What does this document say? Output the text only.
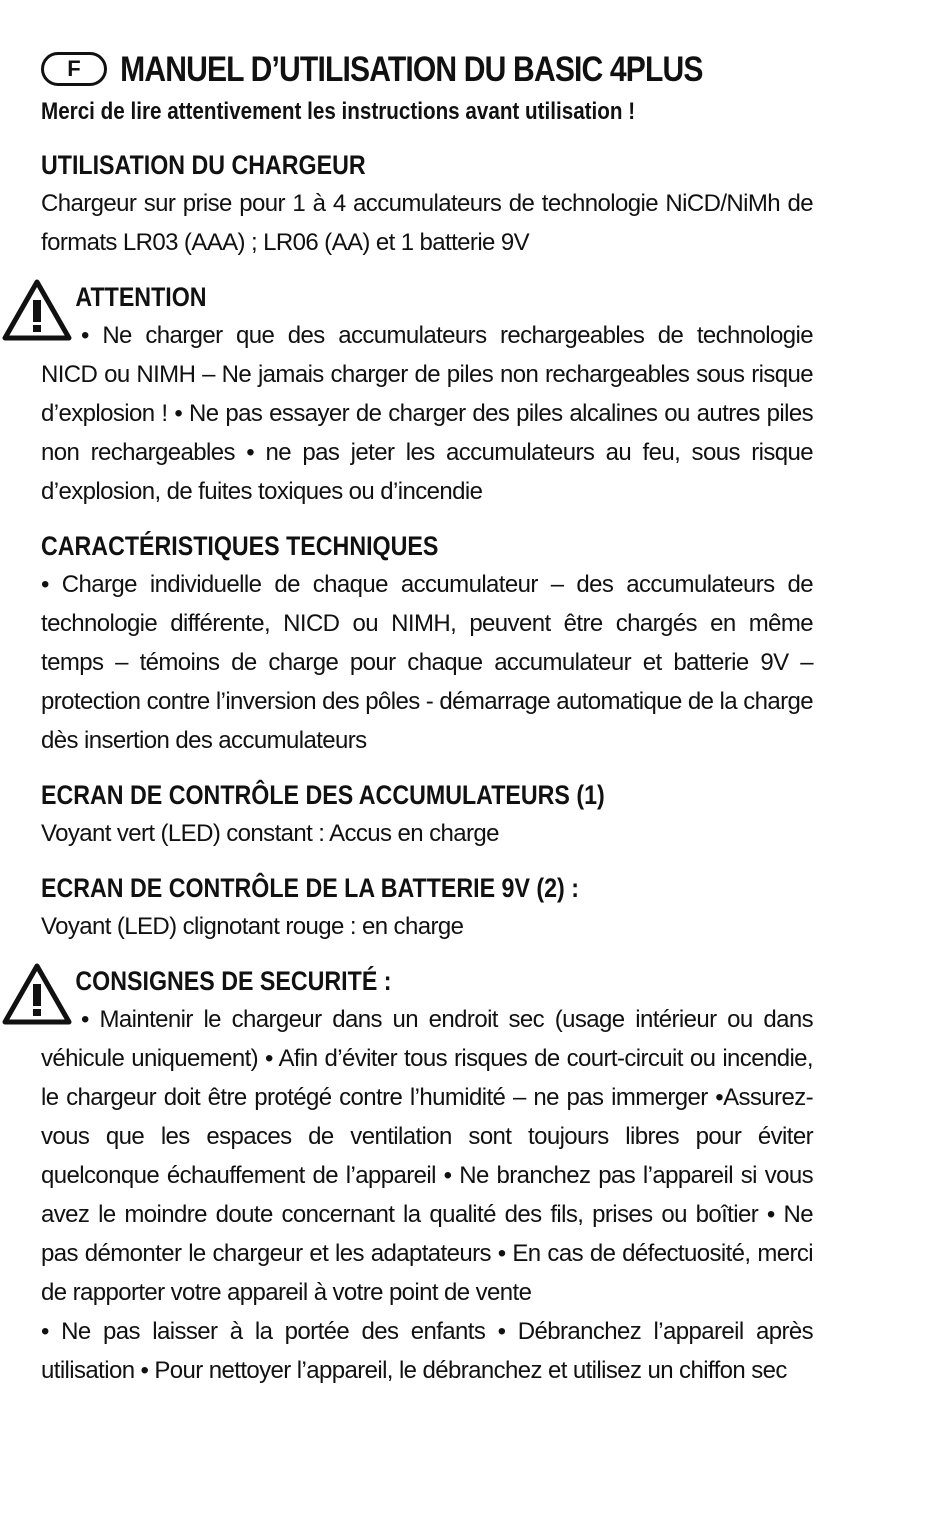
F	MANUEL D’UTILISATION DU BASIC 4PLUS

Merci de lire attentivement les instructions avant utilisation !

UTILISATION DU CHARGEUR

Chargeur sur prise pour 1 à 4 accumulateurs de technologie NiCD/NiMh de formats LR03 (AAA) ; LR06 (AA) et 1 batterie 9V

ATTENTION

• Ne charger que des accumulateurs rechargeables de technologie NICD ou NIMH – Ne jamais charger de piles non rechargeables sous risque d’explosion ! • Ne pas essayer de charger des piles alcalines ou autres piles non rechargeables • ne pas jeter les accumulateurs au feu, sous risque d’explosion, de fuites toxiques ou d’incendie

CARACTÉRISTIQUES TECHNIQUES

• Charge individuelle de chaque accumulateur – des accumulateurs de technologie différente, NICD ou NIMH, peuvent être chargés en même temps – témoins de charge pour chaque accumulateur et batterie 9V – protection contre l’inversion des pôles - démarrage automatique de la charge dès insertion des accumulateurs

ECRAN DE CONTRÔLE DES ACCUMULATEURS (1)

Voyant vert (LED) constant : Accus en charge

ECRAN DE CONTRÔLE DE LA BATTERIE 9V (2) :

Voyant (LED) clignotant rouge : en charge

CONSIGNES DE SECURITÉ :

• Maintenir le chargeur dans un endroit sec (usage intérieur ou dans véhicule uniquement) • Afin d’éviter tous risques de court-circuit ou incendie, le chargeur doit être protégé contre l’humidité – ne pas immerger •Assurez-vous que les espaces de ventilation sont toujours libres pour éviter quelconque échauffement de l’appareil • Ne branchez pas l’appareil si vous avez le moindre doute concernant la qualité des fils, prises ou boîtier • Ne pas démonter le chargeur et les adaptateurs • En cas de défectuosité, merci de rapporter votre appareil à votre point de vente

• Ne pas laisser à la portée des enfants • Débranchez l’appareil après utilisation • Pour nettoyer l’appareil, le débranchez et utilisez un chiffon sec
